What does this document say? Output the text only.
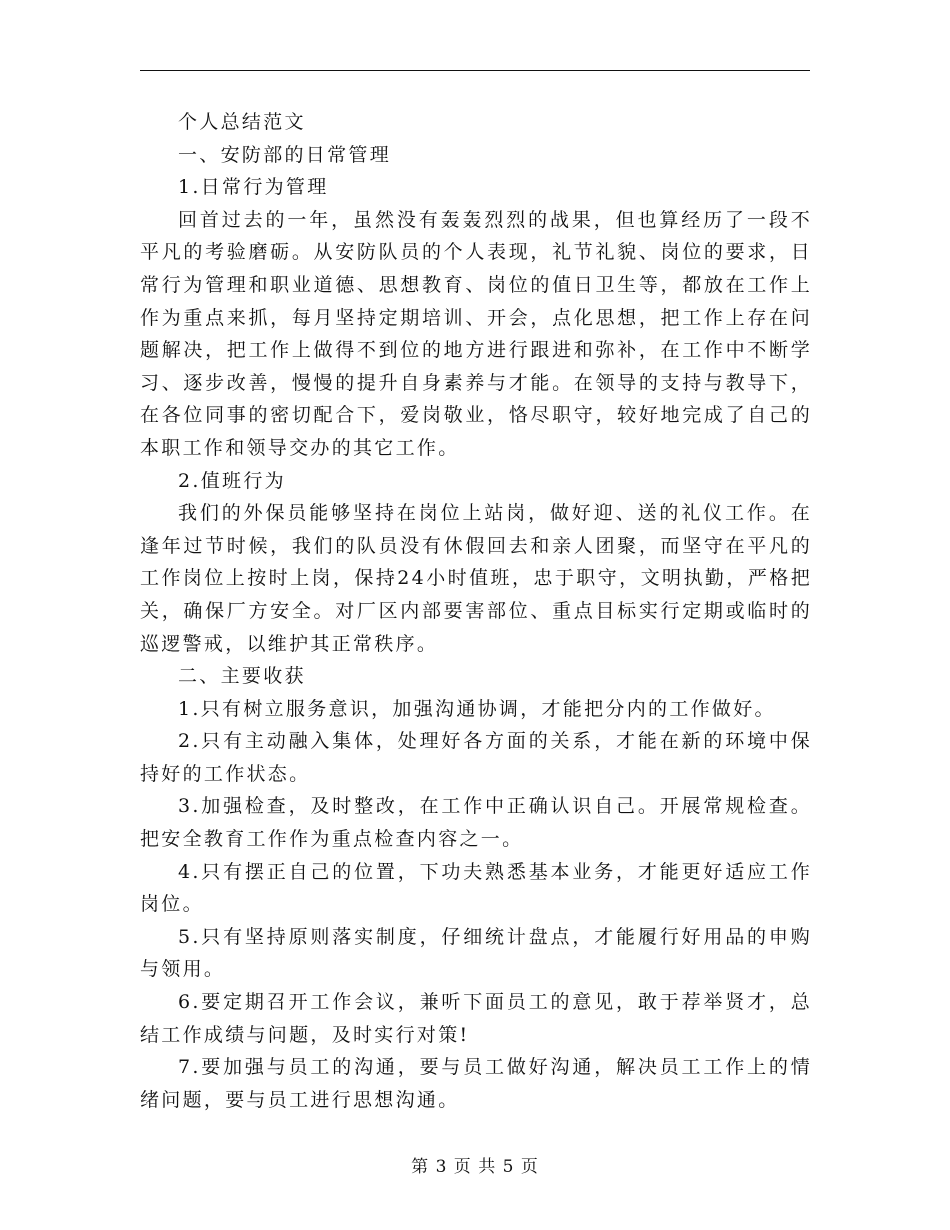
个人总结范文

一、安防部的日常管理

1.日常行为管理

回首过去的一年，虽然没有轰轰烈烈的战果，但也算经历了一段不平凡的考验磨砺。从安防队员的个人表现，礼节礼貌、岗位的要求，日常行为管理和职业道德、思想教育、岗位的值日卫生等，都放在工作上作为重点来抓，每月坚持定期培训、开会，点化思想，把工作上存在问题解决，把工作上做得不到位的地方进行跟进和弥补，在工作中不断学习、逐步改善，慢慢的提升自身素养与才能。在领导的支持与教导下，在各位同事的密切配合下，爱岗敬业，恪尽职守，较好地完成了自己的本职工作和领导交办的其它工作。

2.值班行为

我们的外保员能够坚持在岗位上站岗，做好迎、送的礼仪工作。在逢年过节时候，我们的队员没有休假回去和亲人团聚，而坚守在平凡的工作岗位上按时上岗，保持24小时值班，忠于职守，文明执勤，严格把关，确保厂方安全。对厂区内部要害部位、重点目标实行定期或临时的巡逻警戒，以维护其正常秩序。

二、主要收获

1.只有树立服务意识，加强沟通协调，才能把分内的工作做好。

2.只有主动融入集体，处理好各方面的关系，才能在新的环境中保持好的工作状态。

3.加强检查，及时整改，在工作中正确认识自己。开展常规检查。把安全教育工作作为重点检查内容之一。

4.只有摆正自己的位置，下功夫熟悉基本业务，才能更好适应工作岗位。

5.只有坚持原则落实制度，仔细统计盘点，才能履行好用品的申购与领用。

6.要定期召开工作会议，兼听下面员工的意见，敢于荐举贤才，总结工作成绩与问题，及时实行对策!

7.要加强与员工的沟通，要与员工做好沟通，解决员工工作上的情绪问题，要与员工进行思想沟通。

第 3 页 共 5 页
